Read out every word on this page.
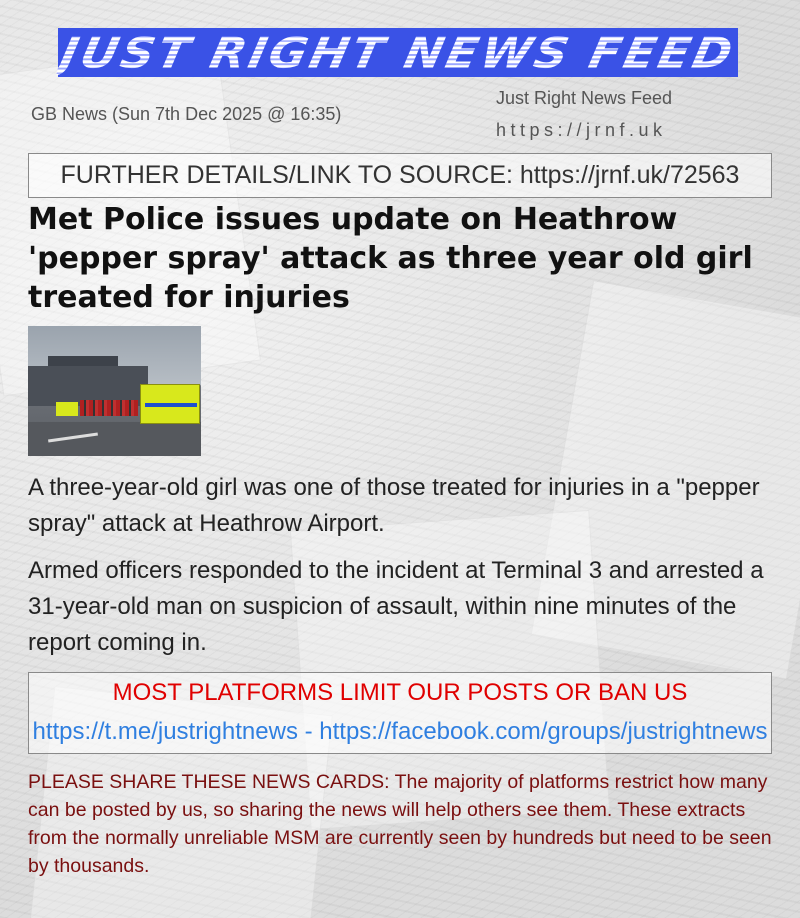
JUST RIGHT NEWS FEED
GB News (Sun 7th Dec 2025 @ 16:35)
Just Right News Feed
https://jrnf.uk
FURTHER DETAILS/LINK TO SOURCE: https://jrnf.uk/72563
Met Police issues update on Heathrow 'pepper spray' attack as three year old girl treated for injuries

A three-year-old girl was one of those treated for injuries in a "pepper spray" attack at Heathrow Airport.

Armed officers responded to the incident at Terminal 3 and arrested a 31-year-old man on suspicion of assault, within nine minutes of the report coming in.

MOST PLATFORMS LIMIT OUR POSTS OR BAN US
https://t.me/justrightnews - https://facebook.com/groups/justrightnews

PLEASE SHARE THESE NEWS CARDS: The majority of platforms restrict how many can be posted by us, so sharing the news will help others see them. These extracts from the normally unreliable MSM are currently seen by hundreds but need to be seen by thousands.
